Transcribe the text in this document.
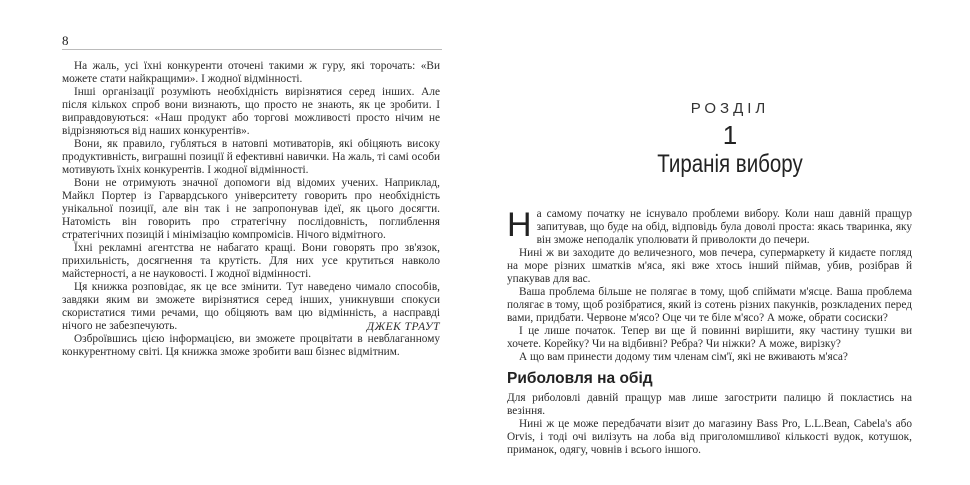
8

На жаль, усі їхні конкуренти оточені такими ж гуру, які торочать: «Ви можете стати найкращими». І жодної відмінності.

Інші організації розуміють необхідність вирізнятися серед інших. Але після кількох спроб вони визнають, що просто не знають, як це зробити. І виправдовуються: «Наш продукт або торгові можливості просто нічим не відрізняються від наших конкурентів».

Вони, як правило, губляться в натовпі мотиваторів, які обіцяють високу продуктивність, виграшні позиції й ефективні навички. На жаль, ті самі особи мотивують їхніх конкурентів. І жодної відмінності.

Вони не отримують значної допомоги від відомих учених. Наприклад, Майкл Портер із Гарвардського університету говорить про необхідність унікальної позиції, але він так і не запропонував ідеї, як цього досягти. Натомість він говорить про стратегічну послідовність, поглиблення стратегічних позицій і мінімізацію компромісів. Нічого відмітного.

Їхні рекламні агентства не набагато кращі. Вони говорять про зв'язок, прихильність, досягнення та крутість. Для них усе крутиться навколо майстерності, а не науковості. І жодної відмінності.

Ця книжка розповідає, як це все змінити. Тут наведено чимало способів, завдяки яким ви зможете вирізнятися серед інших, уникнувши спокуси скористатися тими речами, що обіцяють вам цю відмінність, а насправді нічого не забезпечують.

Озброївшись цією інформацією, ви зможете процвітати в невблаганному конкурентному світі. Ця книжка зможе зробити ваш бізнес відмітним.

ДЖЕК ТРАУТ
РОЗДІЛ
1
Тиранія вибору

На самому початку не існувало проблеми вибору. Коли наш давній пращур запитував, що буде на обід, відповідь була доволі проста: якась тваринка, яку він зможе неподалік уполювати й приволокти до печери.

Нині ж ви заходите до величезного, мов печера, супермаркету й кидаєте погляд на море різних шматків м'яса, які вже хтось інший піймав, убив, розібрав й упакував для вас.

Ваша проблема більше не полягає в тому, щоб спіймати м'ясце. Ваша проблема полягає в тому, щоб розібратися, який із сотень різних пакунків, розкладених перед вами, придбати. Червоне м'ясо? Оце чи те біле м'ясо? А може, обрати сосиски?

І це лише початок. Тепер ви ще й повинні вирішити, яку частину тушки ви хочете. Корейку? Чи на відбивні? Ребра? Чи ніжки? А може, вирізку?

А що вам принести додому тим членам сім'ї, які не вживають м'яса?

Риболовля на обід

Для риболовлі давній пращур мав лише загострити палицю й покластись на везіння.

Нині ж це може передбачати візит до магазину Bass Pro, L.L.Bean, Cabela's або Orvis, і тоді очі вилізуть на лоба від приголомшливої кількості вудок, котушок, приманок, одягу, човнів і всього іншого.
